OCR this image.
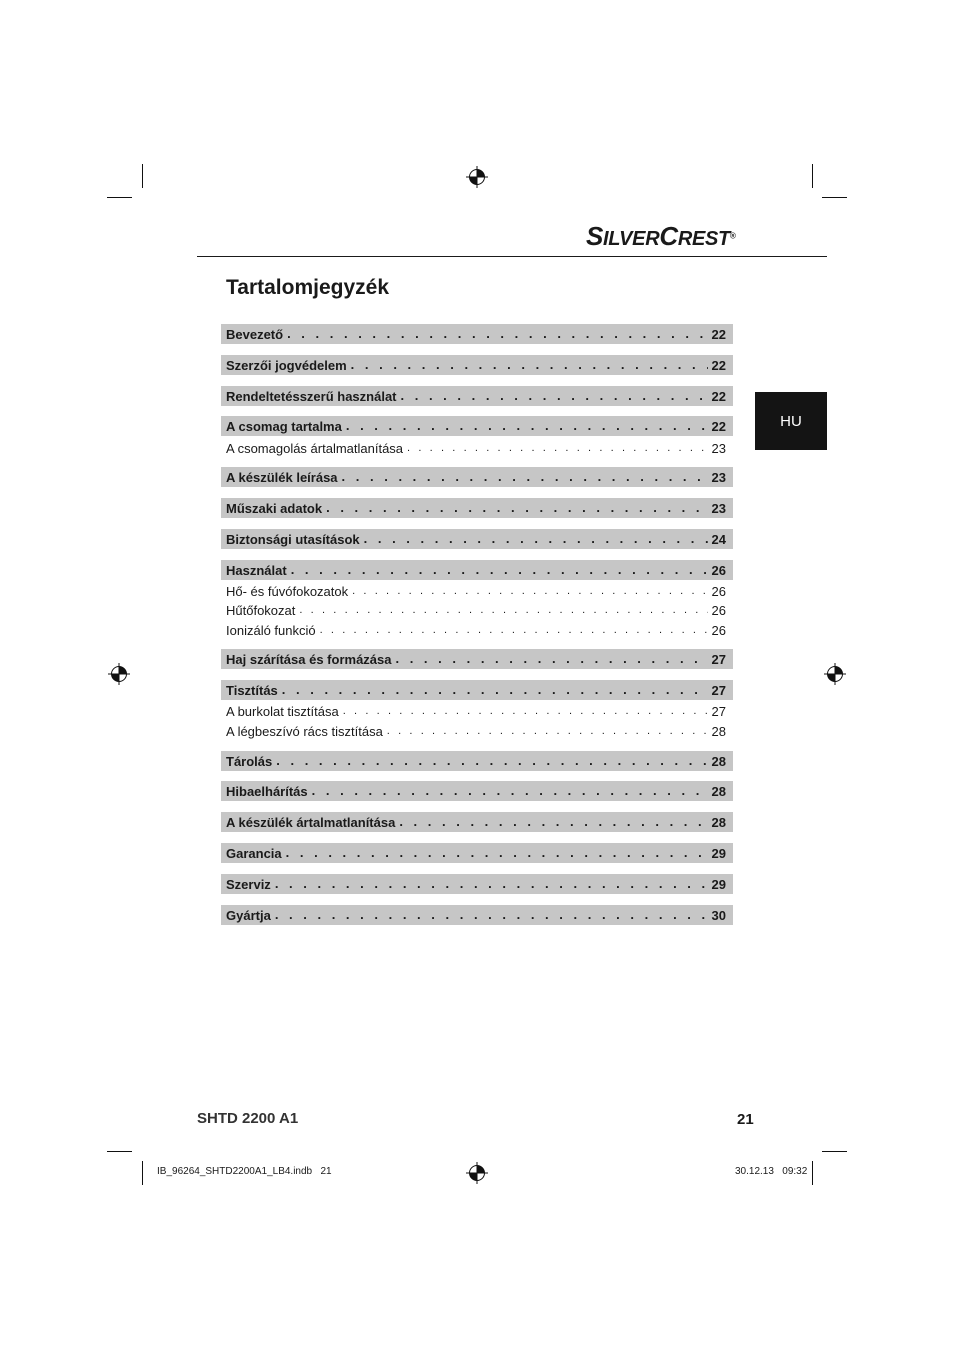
SILVERCREST®
Tartalomjegyzék
HU
Bevezető . . .	22
Szerzői jogvédelem . . .	22
Rendeltetésszerű használat . . .	22
A csomag tartalma . . .	22
A csomagolás ártalmatlanítása . . .	23
A készülék leírása . . .	23
Műszaki adatok . . .	23
Biztonsági utasítások . . .	24
Használat . . .	26
Hő- és fúvófokozatok . . .	26
Hűtőfokozat . . .	26
Ionizáló funkció . . .	26
Haj szárítása és formázása . . .	27
Tisztítás . . .	27
A burkolat tisztítása . . .	27
A légbeszívó rács tisztítása . . .	28
Tárolás . . .	28
Hibaelhárítás . . .	28
A készülék ártalmatlanítása . . .	28
Garancia . . .	29
Szerviz . . .	29
Gyártja . . .	30
SHTD 2200 A1	21
IB_96264_SHTD2200A1_LB4.indb   21	30.12.13   09:32
